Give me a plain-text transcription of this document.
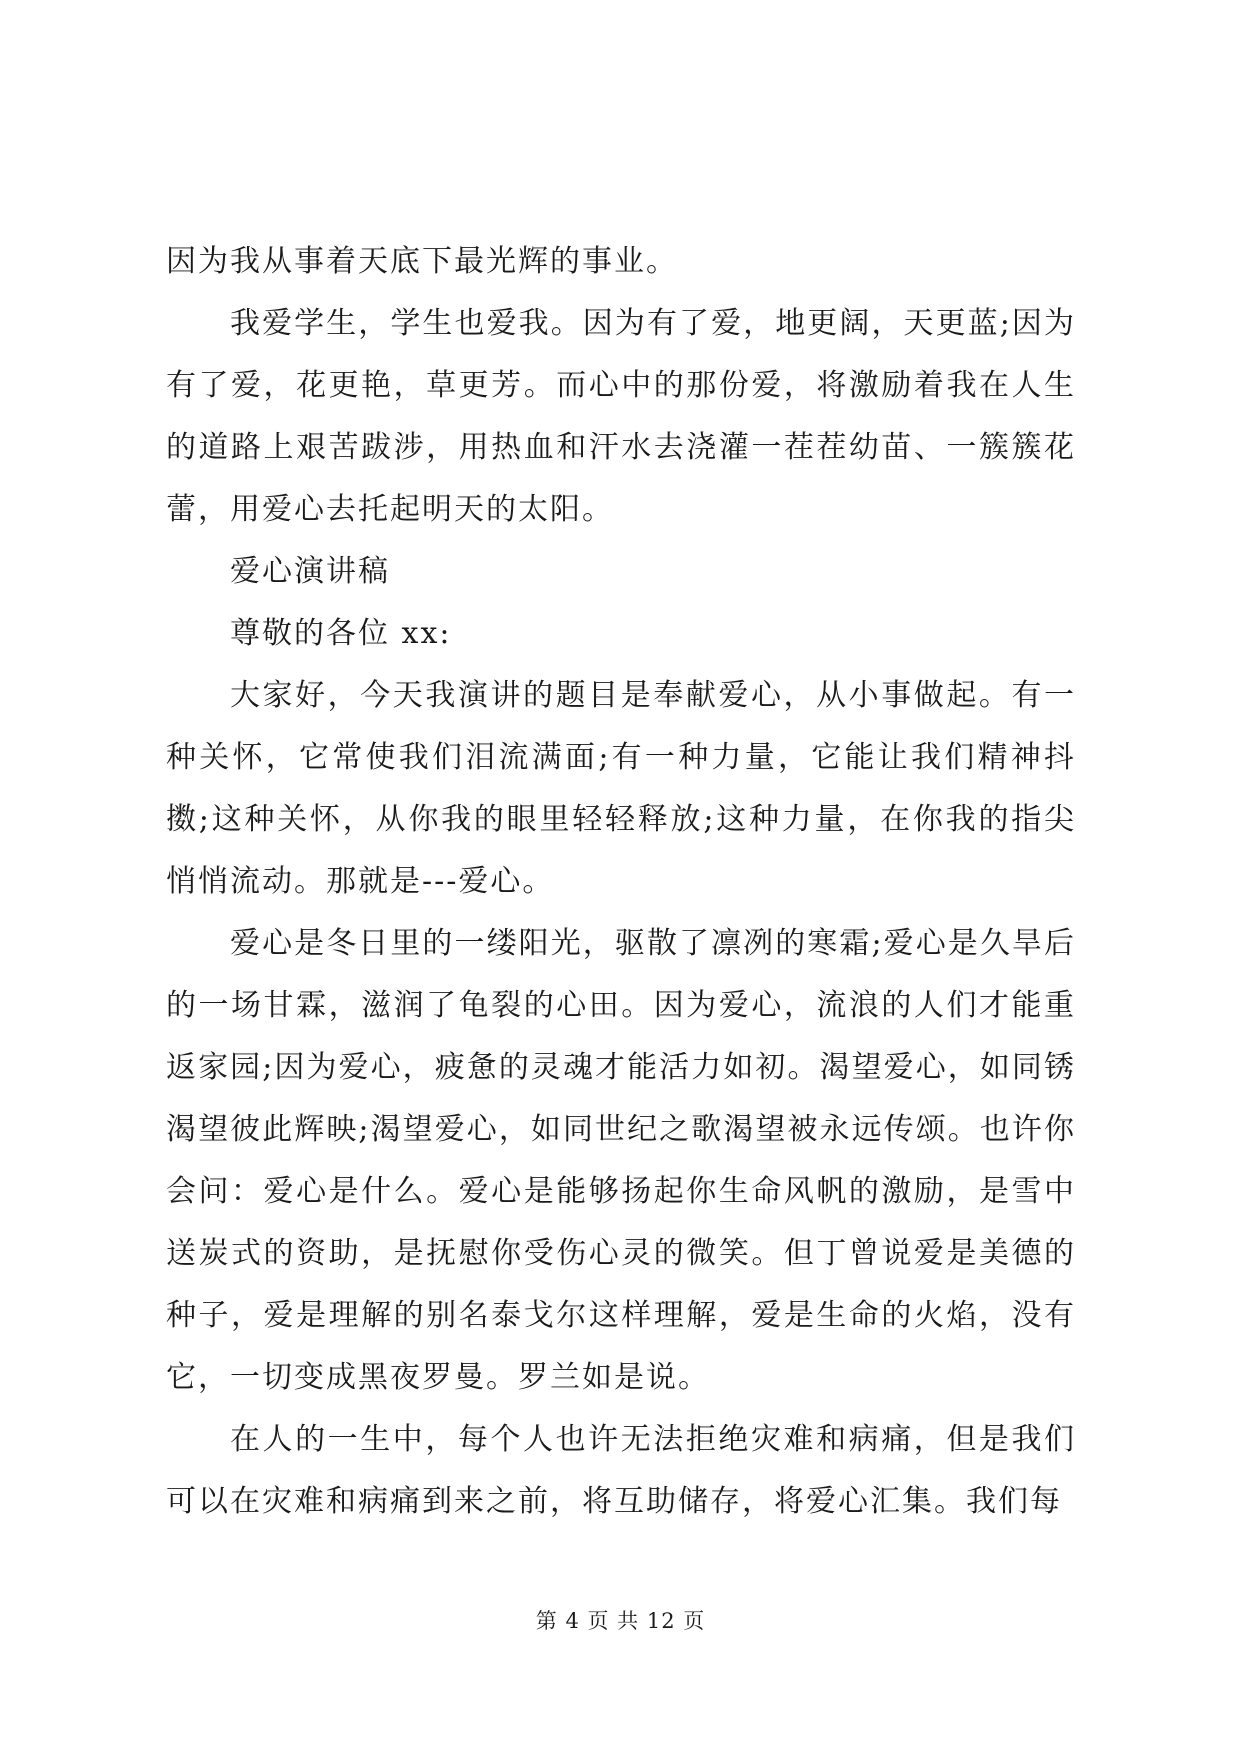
因为我从事着天底下最光辉的事业。

我爱学生，学生也爱我。因为有了爱，地更阔，天更蓝;因为有了爱，花更艳，草更芳。而心中的那份爱，将激励着我在人生的道路上艰苦跋涉，用热血和汗水去浇灌一茬茬幼苗、一簇簇花蕾，用爱心去托起明天的太阳。

爱心演讲稿

尊敬的各位 xx:

大家好，今天我演讲的题目是奉献爱心，从小事做起。有一种关怀，它常使我们泪流满面;有一种力量，它能让我们精神抖擞;这种关怀，从你我的眼里轻轻释放;这种力量，在你我的指尖悄悄流动。那就是---爱心。

爱心是冬日里的一缕阳光，驱散了凛冽的寒霜;爱心是久旱后的一场甘霖，滋润了龟裂的心田。因为爱心，流浪的人们才能重返家园;因为爱心，疲惫的灵魂才能活力如初。渴望爱心，如同锈渴望彼此辉映;渴望爱心，如同世纪之歌渴望被永远传颂。也许你会问：爱心是什么。爱心是能够扬起你生命风帆的激励，是雪中送炭式的资助，是抚慰你受伤心灵的微笑。但丁曾说爱是美德的种子，爱是理解的别名泰戈尔这样理解，爱是生命的火焰，没有它，一切变成黑夜罗曼。罗兰如是说。

在人的一生中，每个人也许无法拒绝灾难和病痛，但是我们可以在灾难和病痛到来之前，将互助储存，将爱心汇集。我们每

第 4 页 共 12 页
